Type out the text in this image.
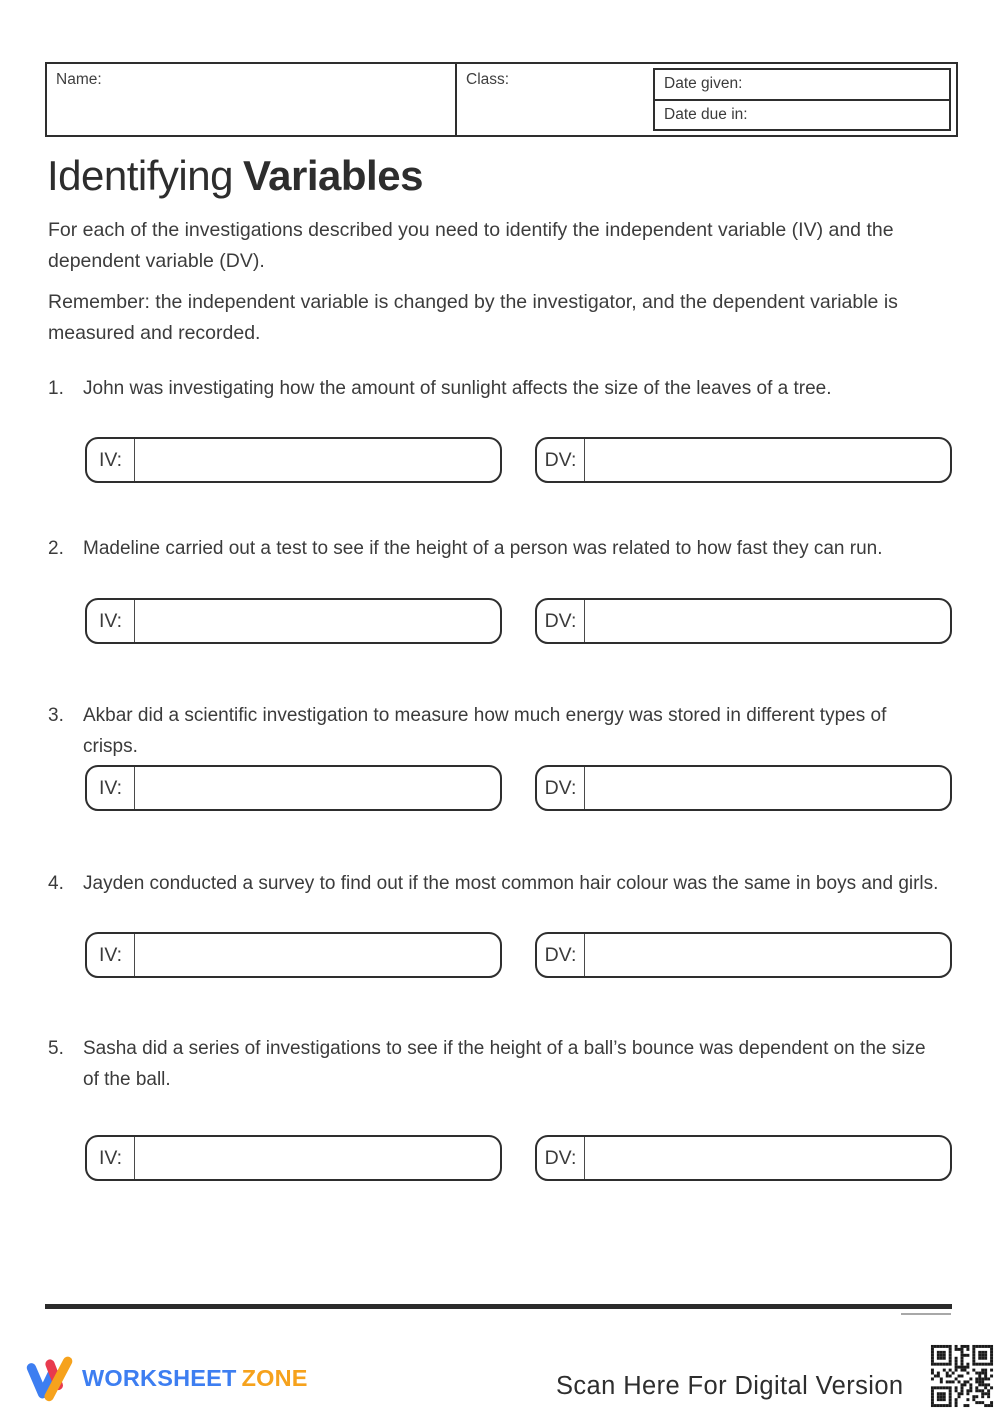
Name:	Class:	Date given:
Date due in:
Identifying Variables

For each of the investigations described you need to identify the independent variable (IV) and the dependent variable (DV).

Remember: the independent variable is changed by the investigator, and the dependent variable is measured and recorded.

1.	John was investigating how the amount of sunlight affects the size of the leaves of a tree.
IV:	DV:
2.	Madeline carried out a test to see if the height of a person was related to how fast they can run.
IV:	DV:
3.	Akbar did a scientific investigation to measure how much energy was stored in different types of crisps.
IV:	DV:
4.	Jayden conducted a survey to find out if the most common hair colour was the same in boys and girls.
IV:	DV:
5.	Sasha did a series of investigations to see if the height of a ball’s bounce was dependent on the size of the ball.
IV:	DV:
WORKSHEET ZONE	Scan Here For Digital Version
